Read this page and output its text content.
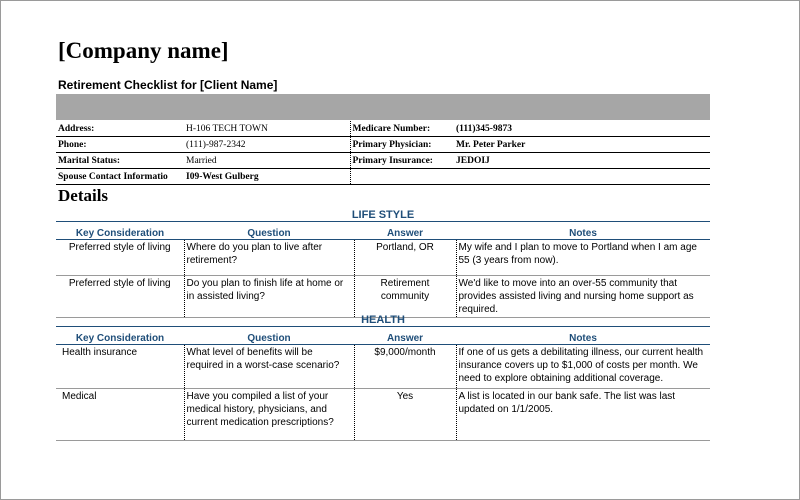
[Company name]
Retirement Checklist for [Client Name]
Address:	H-106 TECH TOWN	Medicare Number:	(111)345-9873
Phone:	(111)-987-2342	Primary Physician:	Mr. Peter Parker
Marital Status:	Married	Primary Insurance:	JEDOIJ
Spouse Contact Informatio	I09-West Gulberg		
Details
LIFE STYLE
Key Consideration	Question	Answer	Notes
Preferred style of living	Where do you plan to live after retirement?	Portland, OR	My wife and I plan to move to Portland when I am age 55 (3 years from now).
Preferred style of living	Do you plan to finish life at home or in assisted living?	Retirement community	We'd like to move into an over-55 community that provides assisted living and nursing home support as required.
HEALTH
Key Consideration	Question	Answer	Notes
Health insurance	What level of benefits will be required in a worst-case scenario?	$9,000/month	If one of us gets a debilitating illness, our current health insurance covers up to $1,000 of costs per month. We need to explore obtaining additional coverage.
Medical	Have you compiled a list of your medical history, physicians, and current medication prescriptions?	Yes	A list is located in our bank safe. The list was last updated on 1/1/2005.
